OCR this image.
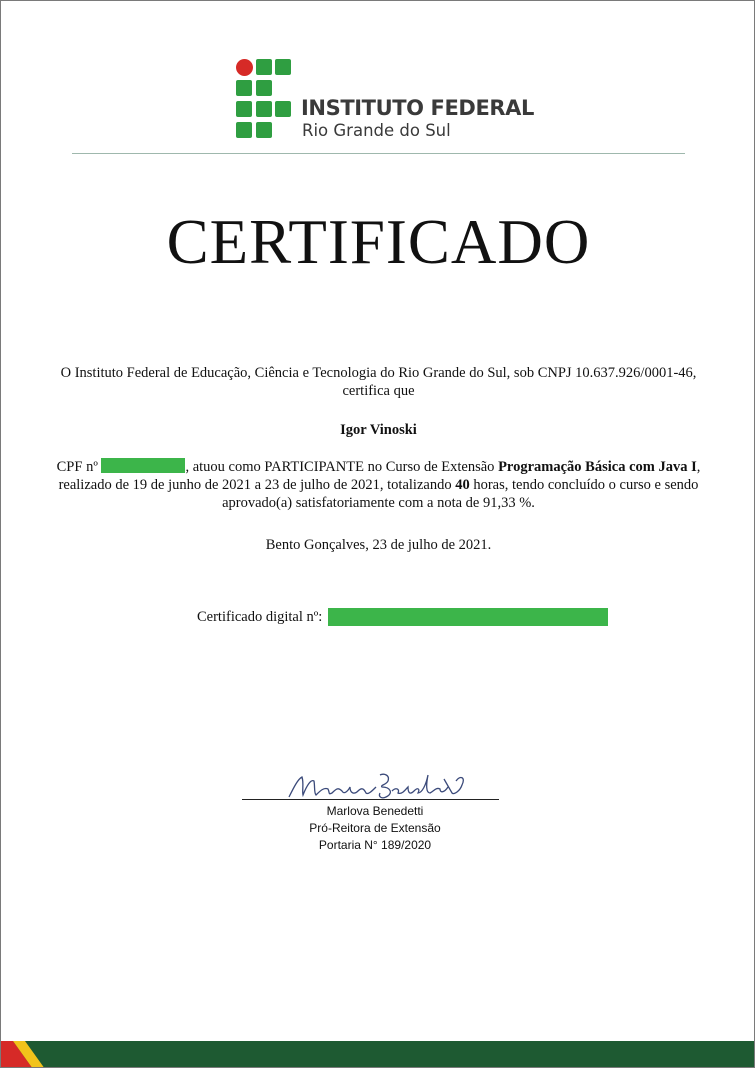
INSTITUTO FEDERAL
Rio Grande do Sul
CERTIFICADO
O Instituto Federal de Educação, Ciência e Tecnologia do Rio Grande do Sul, sob CNPJ 10.637.926/0001-46,
certifica que
Igor Vinoski
CPF nº	, atuou como PARTICIPANTE no Curso de Extensão Programação Básica com Java I, realizado de 19 de junho de 2021 a 23 de julho de 2021, totalizando 40 horas, tendo concluído o curso e sendo aprovado(a) satisfatoriamente com a nota de 91,33 %.
Bento Gonçalves, 23 de julho de 2021.
Certificado digital nº:
Marlova Benedetti
Pró-Reitora de Extensão
Portaria N° 189/2020
